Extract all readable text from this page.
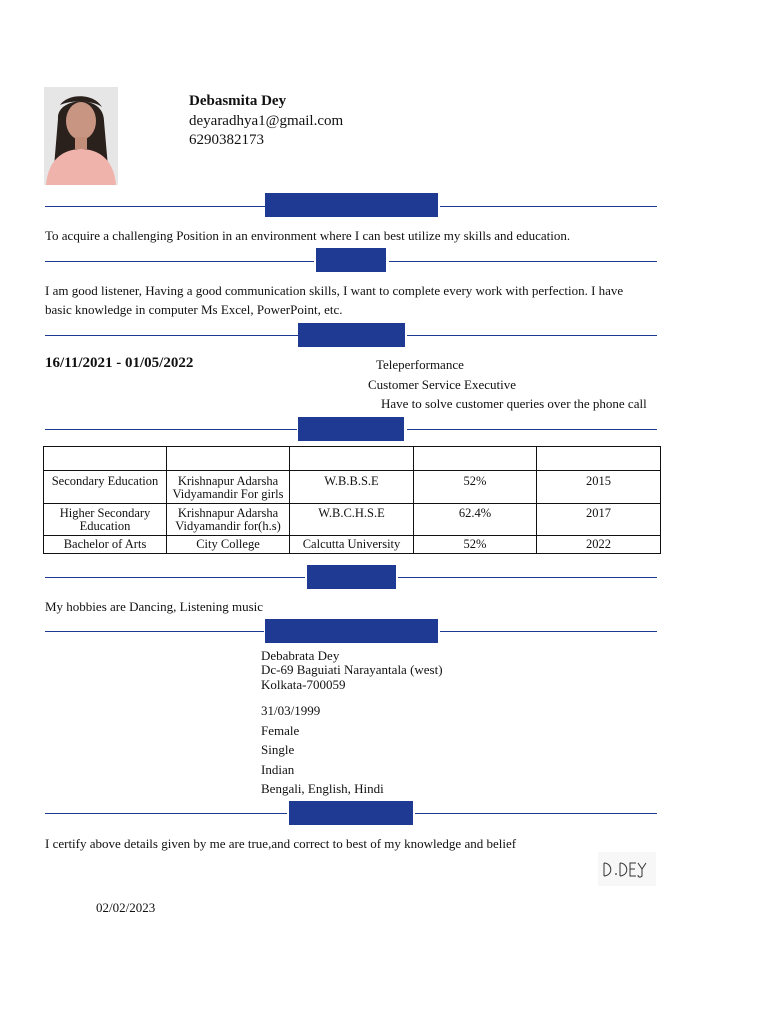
Debasmita Dey
deyaradhya1@gmail.com
6290382173
To acquire a challenging Position in an environment where I can best utilize my skills and education.
I am good listener, Having a good communication skills, I want to complete every work with perfection. I have
basic knowledge in computer Ms Excel, PowerPoint, etc.
16/11/2021 - 01/05/2022	Teleperformance
Customer Service Executive
Have to solve customer queries over the phone call

Secondary Education	Krishnapur Adarsha Vidyamandir For girls	W.B.B.S.E	52%	2015
Higher Secondary Education	Krishnapur Adarsha Vidyamandir for(h.s)	W.B.C.H.S.E	62.4%	2017
Bachelor of Arts	City College	Calcutta University	52%	2022
My hobbies are Dancing, Listening music
Debabrata Dey
Dc-69 Baguiati Narayantala (west)
Kolkata-700059
31/03/1999
Female
Single
Indian
Bengali, English, Hindi
I certify above details given by me are true,and correct to best of my knowledge and belief
02/02/2023
